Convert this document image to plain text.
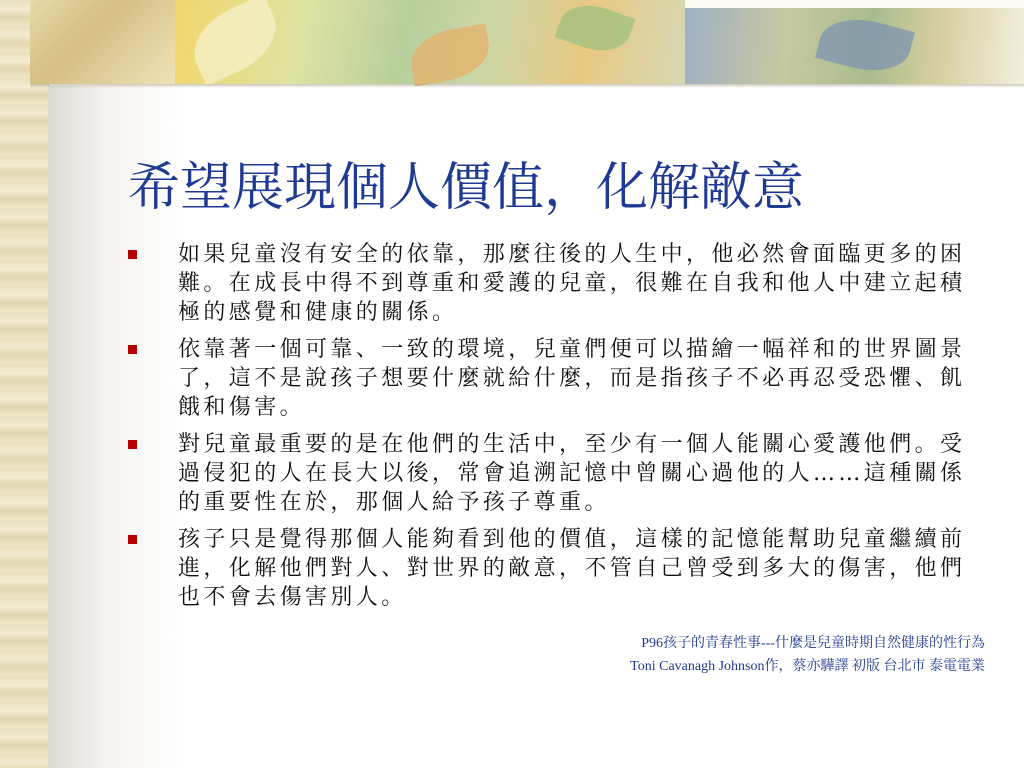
希望展現個人價值，化解敵意
如果兒童沒有安全的依靠，那麼往後的人生中，他必然會面臨更多的困難。在成長中得不到尊重和愛護的兒童，很難在自我和他人中建立起積極的感覺和健康的關係。
依靠著一個可靠、一致的環境，兒童們便可以描繪一幅祥和的世界圖景了，這不是說孩子想要什麼就給什麼，而是指孩子不必再忍受恐懼、飢餓和傷害。
對兒童最重要的是在他們的生活中，至少有一個人能關心愛護他們。受過侵犯的人在長大以後，常會追溯記憶中曾關心過他的人……這種關係的重要性在於，那個人給予孩子尊重。
孩子只是覺得那個人能夠看到他的價值，這樣的記憶能幫助兒童繼續前進，化解他們對人、對世界的敵意，不管自己曾受到多大的傷害，他們也不會去傷害別人。
P96孩子的青春性事---什麼是兒童時期自然健康的性行為
Toni Cavanagh Johnson作，蔡亦驊譯 初版 台北市 泰電電業
